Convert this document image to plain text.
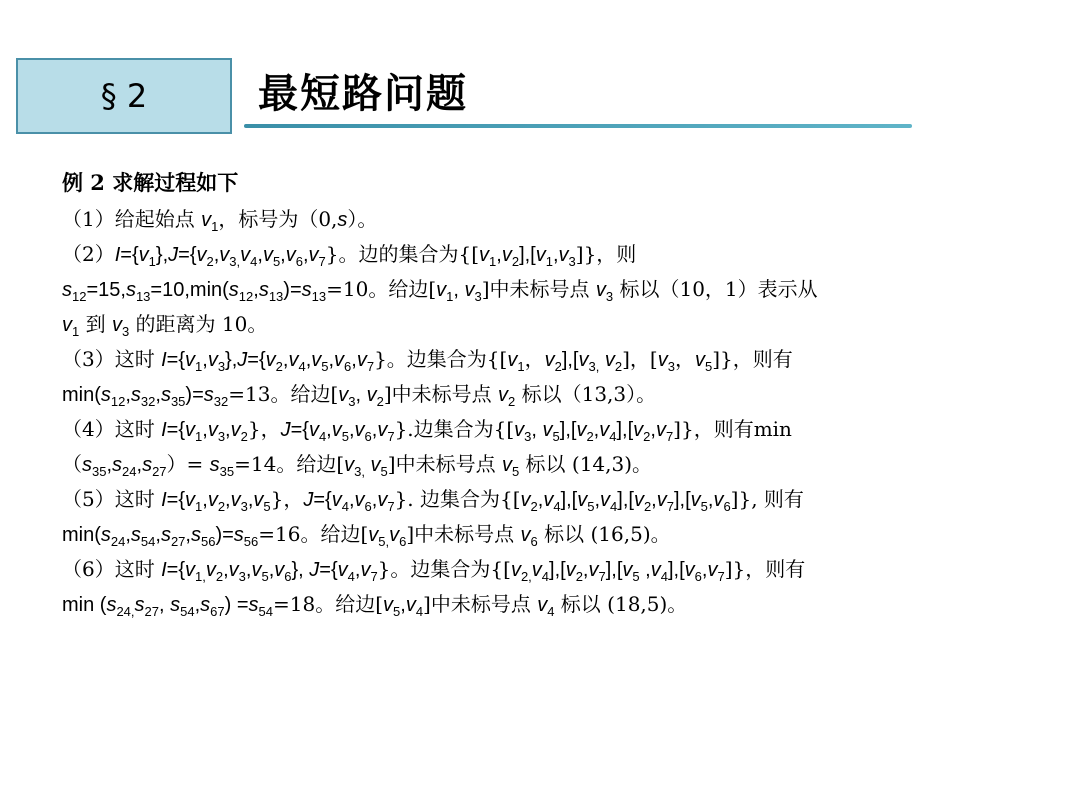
§ 2	最短路问题
例 2 求解过程如下
（1）给起始点 $v_1$，标号为（0,s）。
$(2)I=\{v_1\},J=\{v_2,v_{3,}v_4,v_5,v_6,v_7\}$。边的集合为$\{[v_1,v_2],[v_1,v_3]\}$，则
$s_{12}=15,s_{13}=10,\min(s_{12},s_{13})=s_{13}=10$。给边[$v_1$, $v_3$]中未标号点 $v_3$ 标以（10，1）表示从
$v_1$ 到 $v_3$ 的距离为 10。
（3）这时 $I=\{v_1,v_3\},J=\{v_2,v_4,v_5,v_6,v_7\}$。边集合为{[$v_1$，$v_2],[v_{3,}$ $v_2$]，[$v_3$，$v_5$]}，则有
$\min(s_{12},s_{32},s_{35})=s_{32}=13$。给边[$v_3$, $v_2$]中未标号点 $v_2$ 标以（13,3）。
（4）这时 $I=\{v_1,v_3,v_2\}$，$J=\{v_4,v_5,v_6,v_7\}$.边集合为{[$v_3$, $v_5],[v_2,v_4],[v_2,v_7]$}，则有min
$(s_{35},s_{24},s_{27})= s_{35}=14$。给边[$v_{3,}$ $v_5$]中未标号点 $v_5$ 标以 (14,3)。
（5）这时 $I=\{v_1,v_2,v_3,v_5\}$，$J=\{v_4,v_6,v_7\}$. 边集合为$\{[v_2,v_4],[v_5,v_4],[v_2,v_7],[v_5,v_6]\}$, 则有
$\min(s_{24},s_{54},s_{27},s_{56})=s_{56}=16$。给边$[v_{5,}v_6]$中未标号点 $v_6$ 标以 (16,5)。
（6）这时 $I=\{v_{1,}v_2,v_3,v_5,v_6\}$, $J=\{v_4,v_7\}$。边集合为{$[v_{2,}v_4],[v_2,v_7],[v_5$ $,v_4],[v_6,v_7]$}，则有
$\min (s_{24,}s_{27}$, $s_{54},s_{67}) =s_{54}=18$。给边$[v_5,v_4]$中未标号点 $v_4$ 标以 (18,5)。
